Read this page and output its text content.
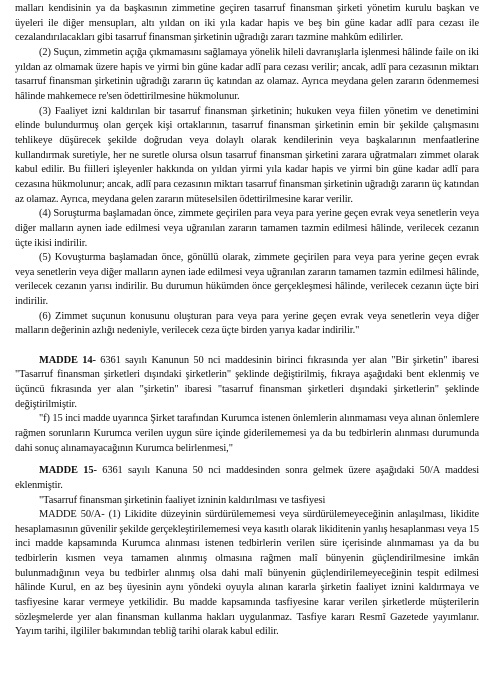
malları kendisinin ya da başkasının zimmetine geçiren tasarruf finansman şirketi yönetim kurulu başkan ve üyeleri ile diğer mensupları, altı yıldan on iki yıla kadar hapis ve beş bin güne kadar adlî para cezası ile cezalandırılacakları gibi tasarruf finansman şirketinin uğradığı zararı tazmine mahkûm edilirler.

(2) Suçun, zimmetin açığa çıkmamasını sağlamaya yönelik hileli davranışlarla işlenmesi hâlinde faile on iki yıldan az olmamak üzere hapis ve yirmi bin güne kadar adlî para cezası verilir; ancak, adlî para cezasının miktarı tasarruf finansman şirketinin uğradığı zararın üç katından az olamaz. Ayrıca meydana gelen zararın ödenmemesi hâlinde mahkemece re'sen ödettirilmesine hükmolunur.

(3) Faaliyet izni kaldırılan bir tasarruf finansman şirketinin; hukuken veya fiilen yönetim ve denetimini elinde bulundurmuş olan gerçek kişi ortaklarının, tasarruf finansman şirketinin emin bir şekilde çalışmasını tehlikeye düşürecek şekilde doğrudan veya dolaylı olarak kendilerinin veya başkalarının menfaatlerine kullandırmak suretiyle, her ne suretle olursa olsun tasarruf finansman şirketini zarara uğratmaları zimmet olarak kabul edilir. Bu fiilleri işleyenler hakkında on yıldan yirmi yıla kadar hapis ve yirmi bin güne kadar adlî para cezasına hükmolunur; ancak, adlî para cezasının miktarı tasarruf finansman şirketinin uğradığı zararın üç katından az olamaz. Ayrıca, meydana gelen zararın müteselsilen ödettirilmesine karar verilir.

(4) Soruşturma başlamadan önce, zimmete geçirilen para veya para yerine geçen evrak veya senetlerin veya diğer malların aynen iade edilmesi veya uğranılan zararın tamamen tazmin edilmesi hâlinde, verilecek cezanın üçte ikisi indirilir.

(5) Kovuşturma başlamadan önce, gönüllü olarak, zimmete geçirilen para veya para yerine geçen evrak veya senetlerin veya diğer malların aynen iade edilmesi veya uğranılan zararın tamamen tazmin edilmesi hâlinde, verilecek cezanın yarısı indirilir. Bu durumun hükümden önce gerçekleşmesi hâlinde, verilecek cezanın üçte biri indirilir.

(6) Zimmet suçunun konusunu oluşturan para veya para yerine geçen evrak veya senetlerin veya diğer malların değerinin azlığı nedeniyle, verilecek ceza üçte birden yarıya kadar indirilir."

MADDE 14- 6361 sayılı Kanunun 50 nci maddesinin birinci fıkrasında yer alan "Bir şirketin" ibaresi "Tasarruf finansman şirketleri dışındaki şirketlerin" şeklinde değiştirilmiş, fıkraya aşağıdaki bent eklenmiş ve üçüncü fıkrasında yer alan "şirketin" ibaresi "tasarruf finansman şirketleri dışındaki şirketlerin" şeklinde değiştirilmiştir.

"f) 15 inci madde uyarınca Şirket tarafından Kurumca istenen önlemlerin alınmaması veya alınan önlemlere rağmen sorunların Kurumca verilen uygun süre içinde giderilememesi ya da bu tedbirlerin alınması durumunda dahi sonuç alınamayacağının Kurumca belirlenmesi,"

MADDE 15- 6361 sayılı Kanuna 50 nci maddesinden sonra gelmek üzere aşağıdaki 50/A maddesi eklenmiştir.

"Tasarruf finansman şirketinin faaliyet izninin kaldırılması ve tasfiyesi

MADDE 50/A- (1) Likidite düzeyinin sürdürülememesi veya sürdürülemeyeceğinin anlaşılması, likidite hesaplamasının güvenilir şekilde gerçekleştirilememesi veya kasıtlı olarak likiditenin yanlış hesaplanması veya 15 inci madde kapsamında Kurumca alınması istenen tedbirlerin verilen süre içerisinde alınmaması ya da bu tedbirlerin kısmen veya tamamen alınmış olmasına rağmen malî bünyenin güçlendirilmesine imkân bulunmadığının veya bu tedbirler alınmış olsa dahi malî bünyenin güçlendirilemeyeceğinin tespit edilmesi hâlinde Kurul, en az beş üyesinin aynı yöndeki oyuyla alınan kararla şirketin faaliyet iznini kaldırmaya ve tasfiyesine karar vermeye yetkilidir. Bu madde kapsamında tasfiyesine karar verilen şirketlerde müşterilerin sözleşmelerde yer alan finansman kullanma hakları uygulanmaz. Tasfiye kararı Resmî Gazetede yayımlanır. Yayım tarihi, ilgililer bakımından tebliğ tarihi olarak kabul edilir.
